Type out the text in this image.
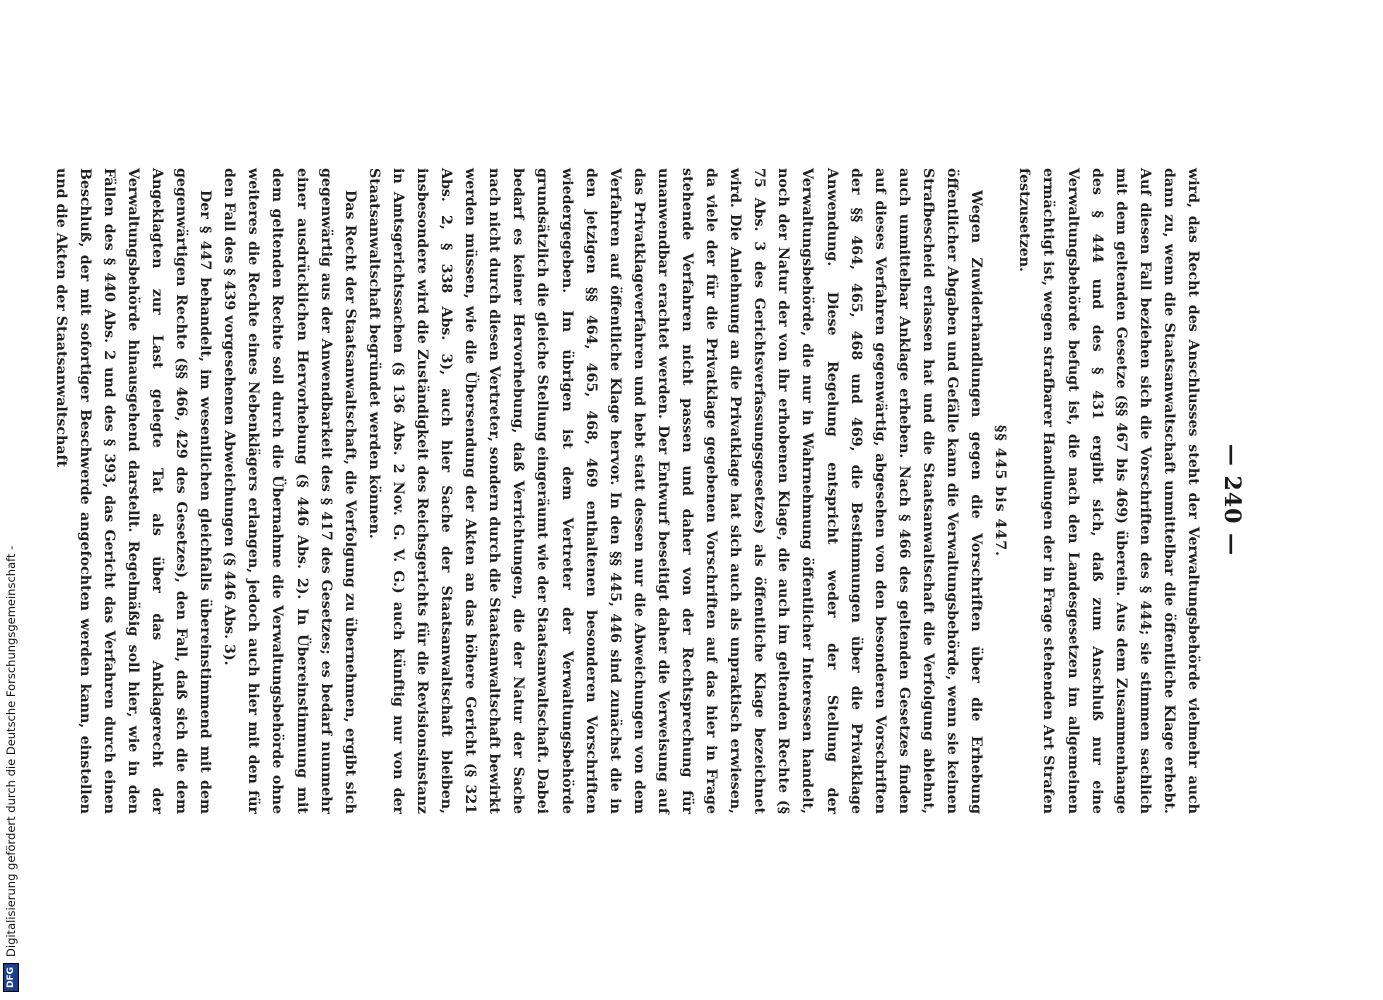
— 240 —

wird, das Recht des Anschlusses steht der Verwaltungsbehörde vielmehr auch dann zu, wenn die Staatsanwaltschaft unmittelbar die öffentliche Klage erhebt. Auf diesen Fall beziehen sich die Vorschriften des § 444; sie stimmen sachlich mit dem geltenden Gesetze (§§ 467 bis 469) überein. Aus dem Zusammenhange des § 444 und des § 431 ergibt sich, daß zum Anschluß nur eine Verwaltungsbehörde befugt ist, die nach den Landesgesetzen im allgemeinen ermächtigt ist, wegen strafbarer Handlungen der in Frage stehenden Art Strafen festzusetzen.

§§ 445 bis 447.

Wegen Zuwiderhandlungen gegen die Vorschriften über die Erhebung öffentlicher Abgaben und Gefälle kann die Verwaltungsbehörde, wenn sie keinen Strafbescheid erlassen hat und die Staatsanwaltschaft die Verfolgung ablehnt, auch unmittelbar Anklage erheben. Nach § 466 des geltenden Gesetzes finden auf dieses Verfahren gegenwärtig, abgesehen von den besonderen Vorschriften der §§ 464, 465, 468 und 469, die Bestimmungen über die Privatklage Anwendung. Diese Regelung entspricht weder der Stellung der Verwaltungsbehörde, die nur in Wahrnehmung öffentlicher Interessen handelt, noch der Natur der von ihr erhobenen Klage, die auch im geltenden Rechte (§ 75 Abs. 3 des Gerichtsverfassungsgesetzes) als öffentliche Klage bezeichnet wird. Die Anlehnung an die Privatklage hat sich auch als unpraktisch erwiesen, da viele der für die Privatklage gegebenen Vorschriften auf das hier in Frage stehende Verfahren nicht passen und daher von der Rechtsprechung für unanwendbar erachtet werden. Der Entwurf beseitigt daher die Verweisung auf das Privatklageverfahren und hebt statt dessen nur die Abweichungen von dem Verfahren auf öffentliche Klage hervor. In den §§ 445, 446 sind zunächst die in den jetzigen §§ 464, 465, 468, 469 enthaltenen besonderen Vorschriften wiedergegeben. Im übrigen ist dem Vertreter der Verwaltungsbehörde grundsätzlich die gleiche Stellung eingeräumt wie der Staatsanwaltschaft. Dabei bedarf es keiner Hervorhebung, daß Verrichtungen, die der Natur der Sache nach nicht durch diesen Vertreter, sondern durch die Staatsanwaltschaft bewirkt werden müssen, wie die Übersendung der Akten an das höhere Gericht (§ 321 Abs. 2, § 338 Abs. 3), auch hier Sache der Staatsanwaltschaft bleiben, insbesondere wird die Zuständigkeit des Reichsgerichts für die Revisionsinstanz in Amtsgerichtssachen (§ 136 Abs. 2 Nov. G. V. G.) auch künftig nur von der Staatsanwaltschaft begründet werden können.

Das Recht der Staatsanwaltschaft, die Verfolgung zu übernehmen, ergibt sich gegenwärtig aus der Anwendbarkeit des § 417 des Gesetzes; es bedarf nunmehr einer ausdrücklichen Hervorhebung (§ 446 Abs. 2). In Übereinstimmung mit dem geltenden Rechte soll durch die Übernahme die Verwaltungsbehörde ohne weiteres die Rechte eines Nebenklägers erlangen, jedoch auch hier mit den für den Fall des § 439 vorgesehenen Abweichungen (§ 446 Abs. 3).

Der § 447 behandelt, im wesentlichen gleichfalls übereinstimmend mit dem gegenwärtigen Rechte (§§ 466, 429 des Gesetzes), den Fall, daß sich die dem Angeklagten zur Last gelegte Tat als über das Anklagerecht der Verwaltungsbehörde hinausgehend darstellt. Regelmäßig soll hier, wie in den Fällen des § 440 Abs. 2 und des § 393, das Gericht das Verfahren durch einen Beschluß, der mit sofortiger Beschwerde angefochten werden kann, einstellen und die Akten der Staatsanwaltschaft

DFG
Digitalisierung gefördert durch die Deutsche Forschungsgemeinschaft -
